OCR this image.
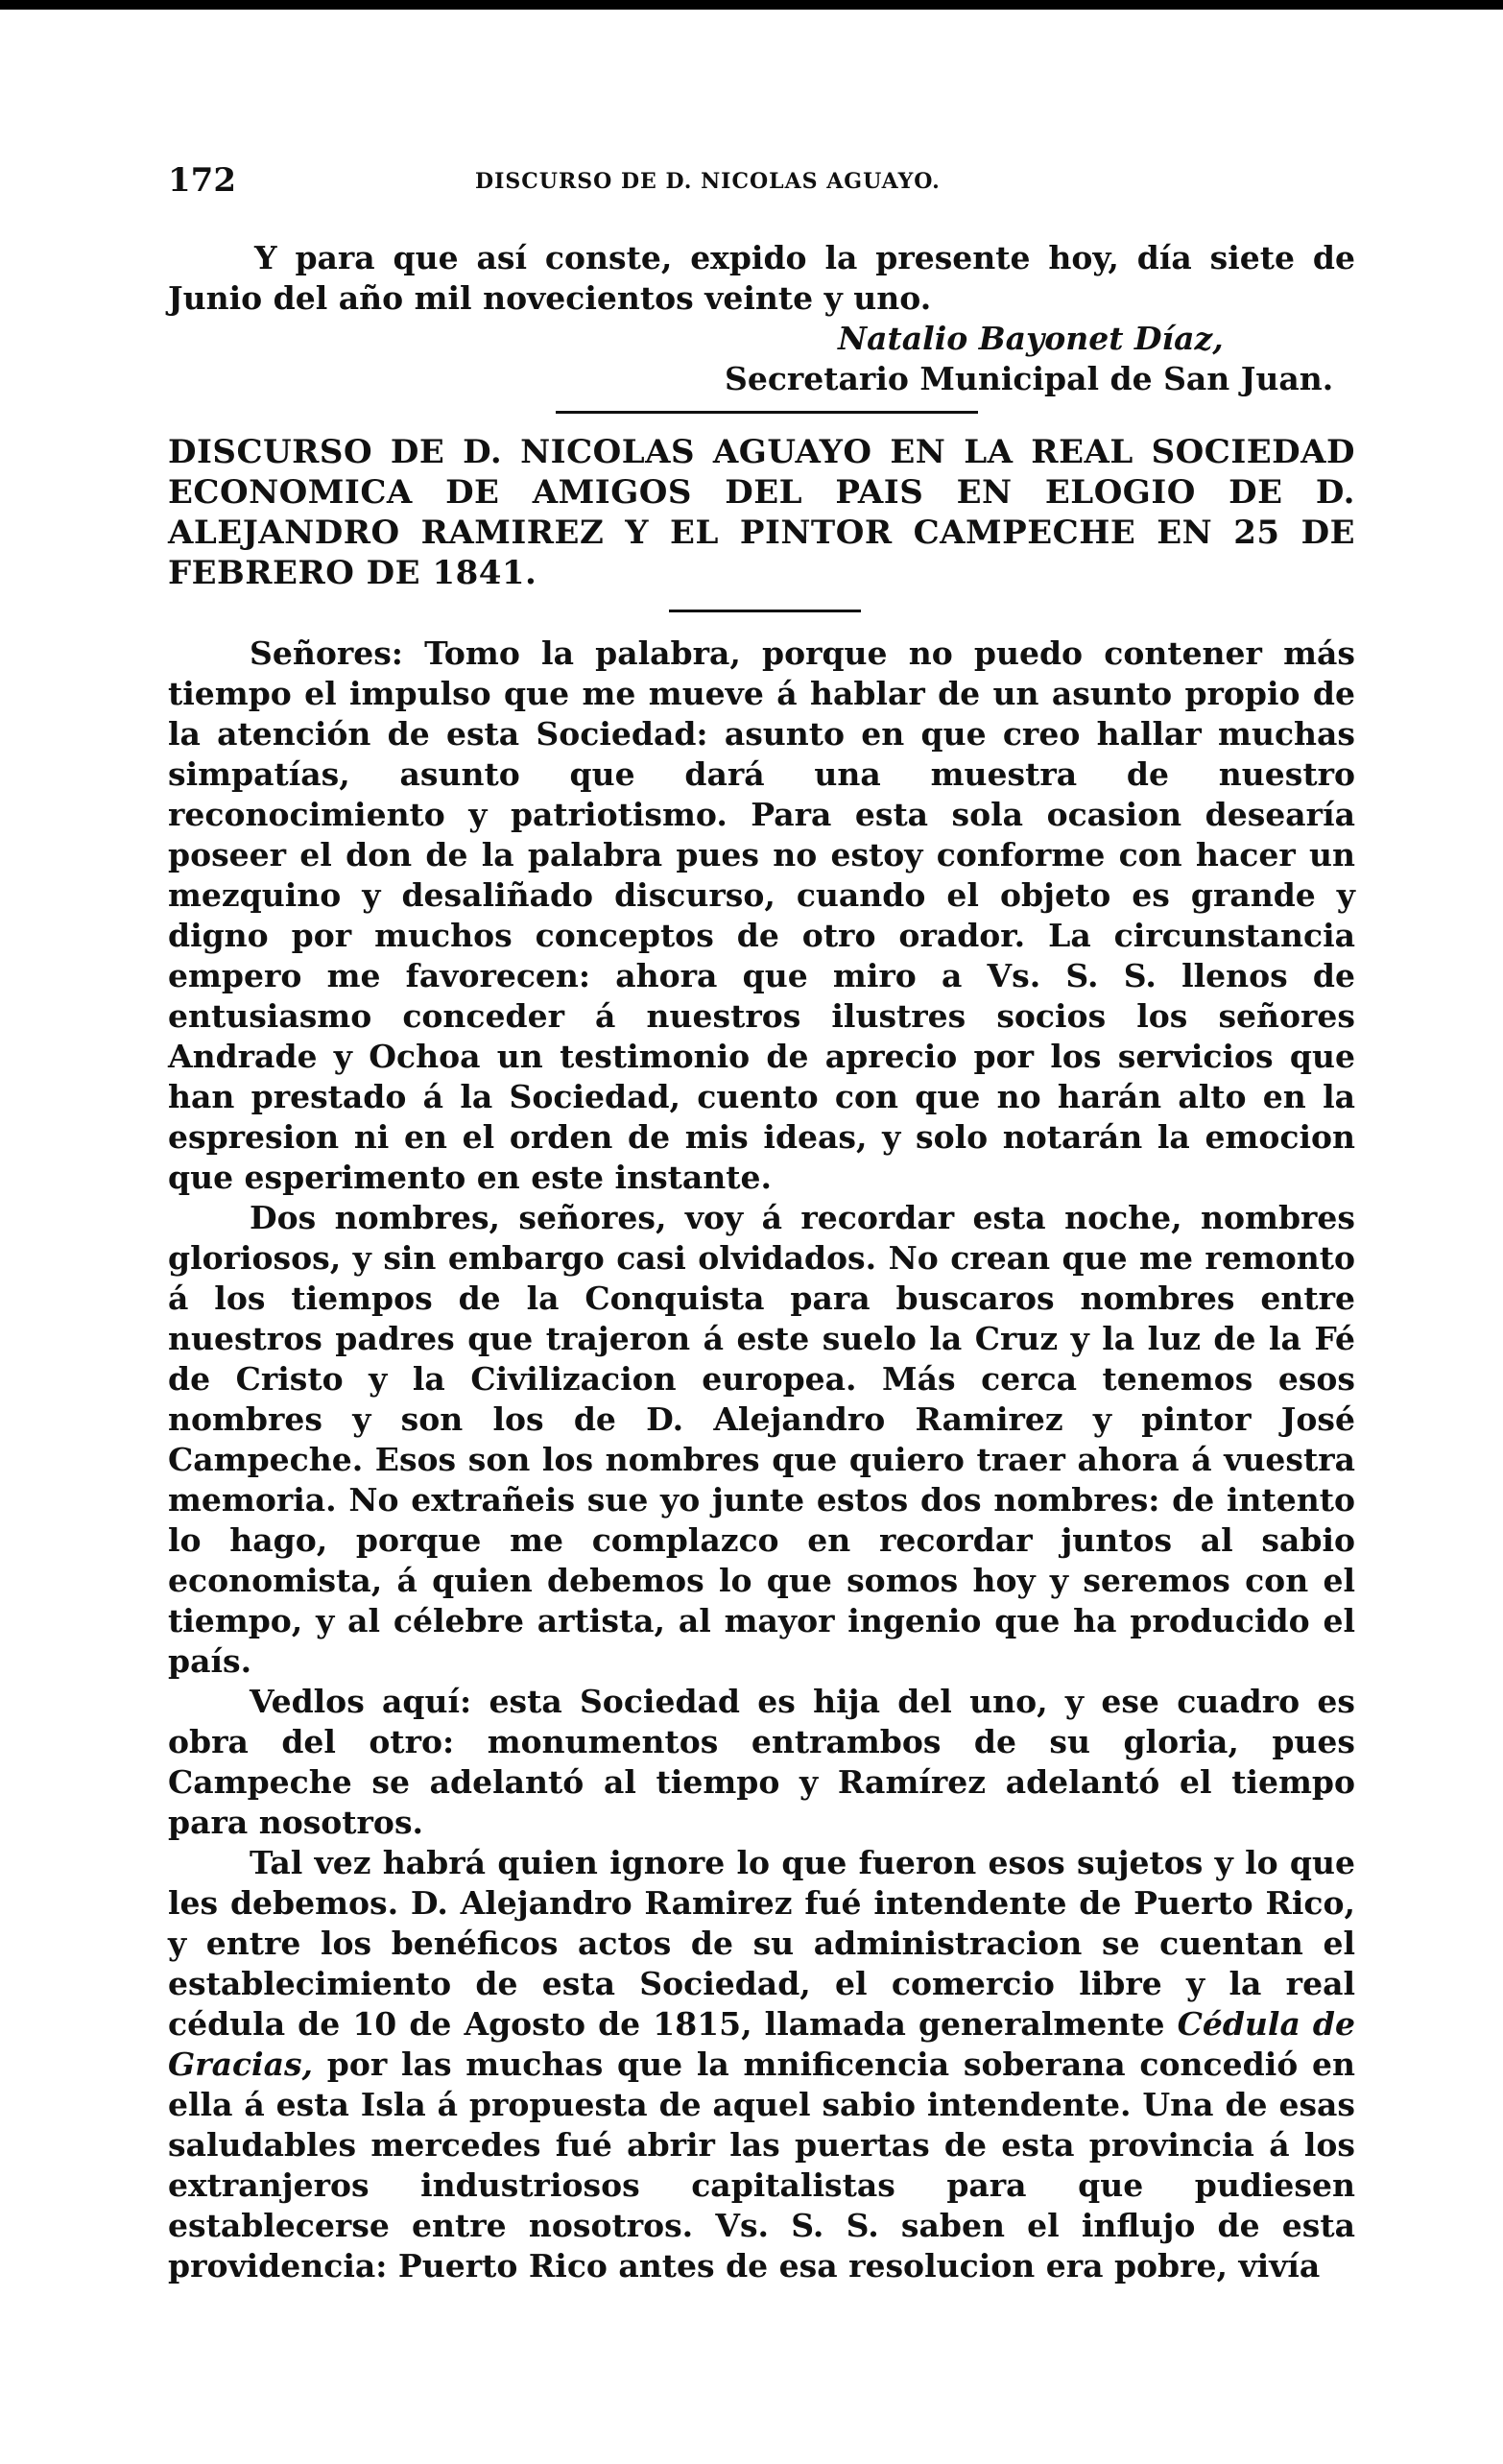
172	DISCURSO DE D. NICOLAS AGUAYO.
Y para que así conste, expido la presente hoy, día siete de Junio del año mil novecientos veinte y uno.
Natalio Bayonet Díaz,
Secretario Municipal de San Juan.
DISCURSO DE D. NICOLAS AGUAYO EN LA REAL SOCIEDAD ECONOMICA DE AMIGOS DEL PAIS EN ELOGIO DE D. ALEJANDRO RAMIREZ Y EL PINTOR CAMPECHE EN 25 DE FEBRERO DE 1841.

Señores: Tomo la palabra, porque no puedo contener más tiempo el impulso que me mueve á hablar de un asunto propio de la atención de esta Sociedad: asunto en que creo hallar muchas simpatías, asunto que dará una muestra de nuestro reconocimiento y patriotismo. Para esta sola ocasion desearía poseer el don de la palabra pues no estoy conforme con hacer un mezquino y desaliñado discurso, cuando el objeto es grande y digno por muchos conceptos de otro orador. La circunstancia empero me favorecen: ahora que miro a Vs. S. S. llenos de entusiasmo conceder á nuestros ilustres socios los señores Andrade y Ochoa un testimonio de aprecio por los servicios que han prestado á la Sociedad, cuento con que no harán alto en la espresion ni en el orden de mis ideas, y solo notarán la emocion que esperimento en este instante.

Dos nombres, señores, voy á recordar esta noche, nombres gloriosos, y sin embargo casi olvidados. No crean que me remonto á los tiempos de la Conquista para buscaros nombres entre nuestros padres que trajeron á este suelo la Cruz y la luz de la Fé de Cristo y la Civilizacion europea. Más cerca tenemos esos nombres y son los de D. Alejandro Ramirez y pintor José Campeche. Esos son los nombres que quiero traer ahora á vuestra memoria. No extrañeis sue yo junte estos dos nombres: de intento lo hago, porque me complazco en recordar juntos al sabio economista, á quien debemos lo que somos hoy y seremos con el tiempo, y al célebre artista, al mayor ingenio que ha producido el país.

Vedlos aquí: esta Sociedad es hija del uno, y ese cuadro es obra del otro: monumentos entrambos de su gloria, pues Campeche se adelantó al tiempo y Ramírez adelantó el tiempo para nosotros.

Tal vez habrá quien ignore lo que fueron esos sujetos y lo que les debemos. D. Alejandro Ramirez fué intendente de Puerto Rico, y entre los benéficos actos de su administracion se cuentan el establecimiento de esta Sociedad, el comercio libre y la real cédula de 10 de Agosto de 1815, llamada generalmente Cédula de Gracias, por las muchas que la mnificencia soberana concedió en ella á esta Isla á propuesta de aquel sabio intendente. Una de esas saludables mercedes fué abrir las puertas de esta provincia á los extranjeros industriosos capitalistas para que pudiesen establecerse entre nosotros. Vs. S. S. saben el influjo de esta providencia: Puerto Rico antes de esa resolucion era pobre, vivía
